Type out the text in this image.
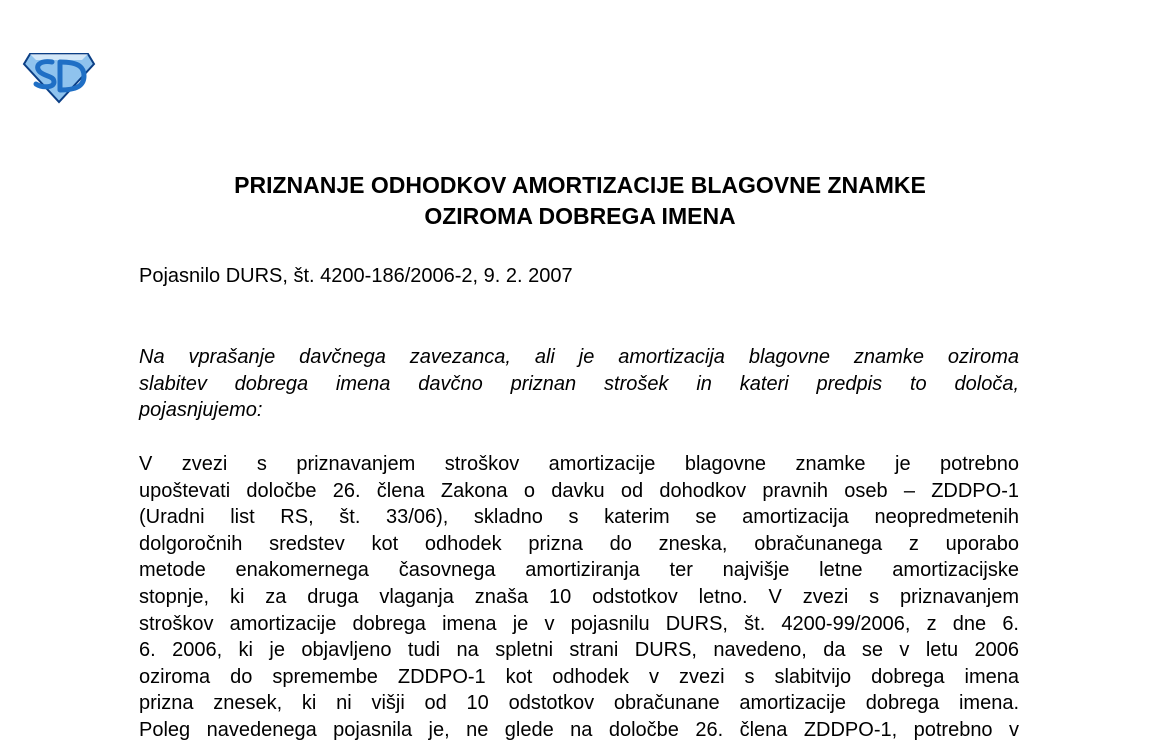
PRIZNANJE ODHODKOV AMORTIZACIJE BLAGOVNE ZNAMKE
OZIROMA DOBREGA IMENA

Pojasnilo DURS, št. 4200-186/2006-2, 9. 2. 2007

Na vprašanje davčnega zavezanca, ali je amortizacija blagovne znamke oziroma
slabitev dobrega imena davčno priznan strošek in kateri predpis to določa,
pojasnjujemo:
V zvezi s priznavanjem stroškov amortizacije blagovne znamke je potrebno
upoštevati določbe 26. člena Zakona o davku od dohodkov pravnih oseb – ZDDPO-1
(Uradni list RS, št. 33/06), skladno s katerim se amortizacija neopredmetenih
dolgoročnih sredstev kot odhodek prizna do zneska, obračunanega z uporabo
metode enakomernega časovnega amortiziranja ter najvišje letne amortizacijske
stopnje, ki za druga vlaganja znaša 10 odstotkov letno. V zvezi s priznavanjem
stroškov amortizacije dobrega imena je v pojasnilu DURS, št. 4200-99/2006, z dne 6.
6. 2006, ki je objavljeno tudi na spletni strani DURS, navedeno, da se v letu 2006
oziroma do spremembe ZDDPO-1 kot odhodek v zvezi s slabitvijo dobrega imena
prizna znesek, ki ni višji od 10 odstotkov obračunane amortizacije dobrega imena.
Poleg navedenega pojasnila je, ne glede na določbe 26. člena ZDDPO-1, potrebno v
